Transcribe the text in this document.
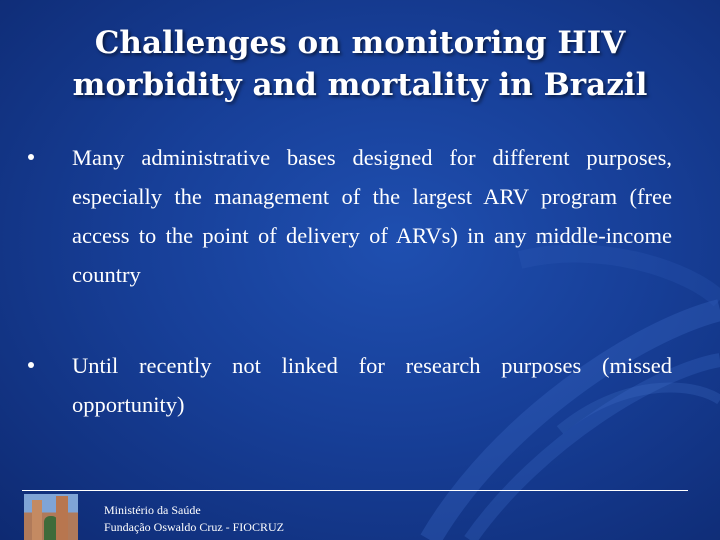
Challenges on monitoring HIV
morbidity and mortality in Brazil
Many administrative bases designed for different purposes, especially the management of the largest ARV program (free access to the point of delivery of ARVs) in any middle-income country
Until recently not linked for research purposes (missed opportunity)
Ministério da Saúde
Fundação Oswaldo Cruz - FIOCRUZ
